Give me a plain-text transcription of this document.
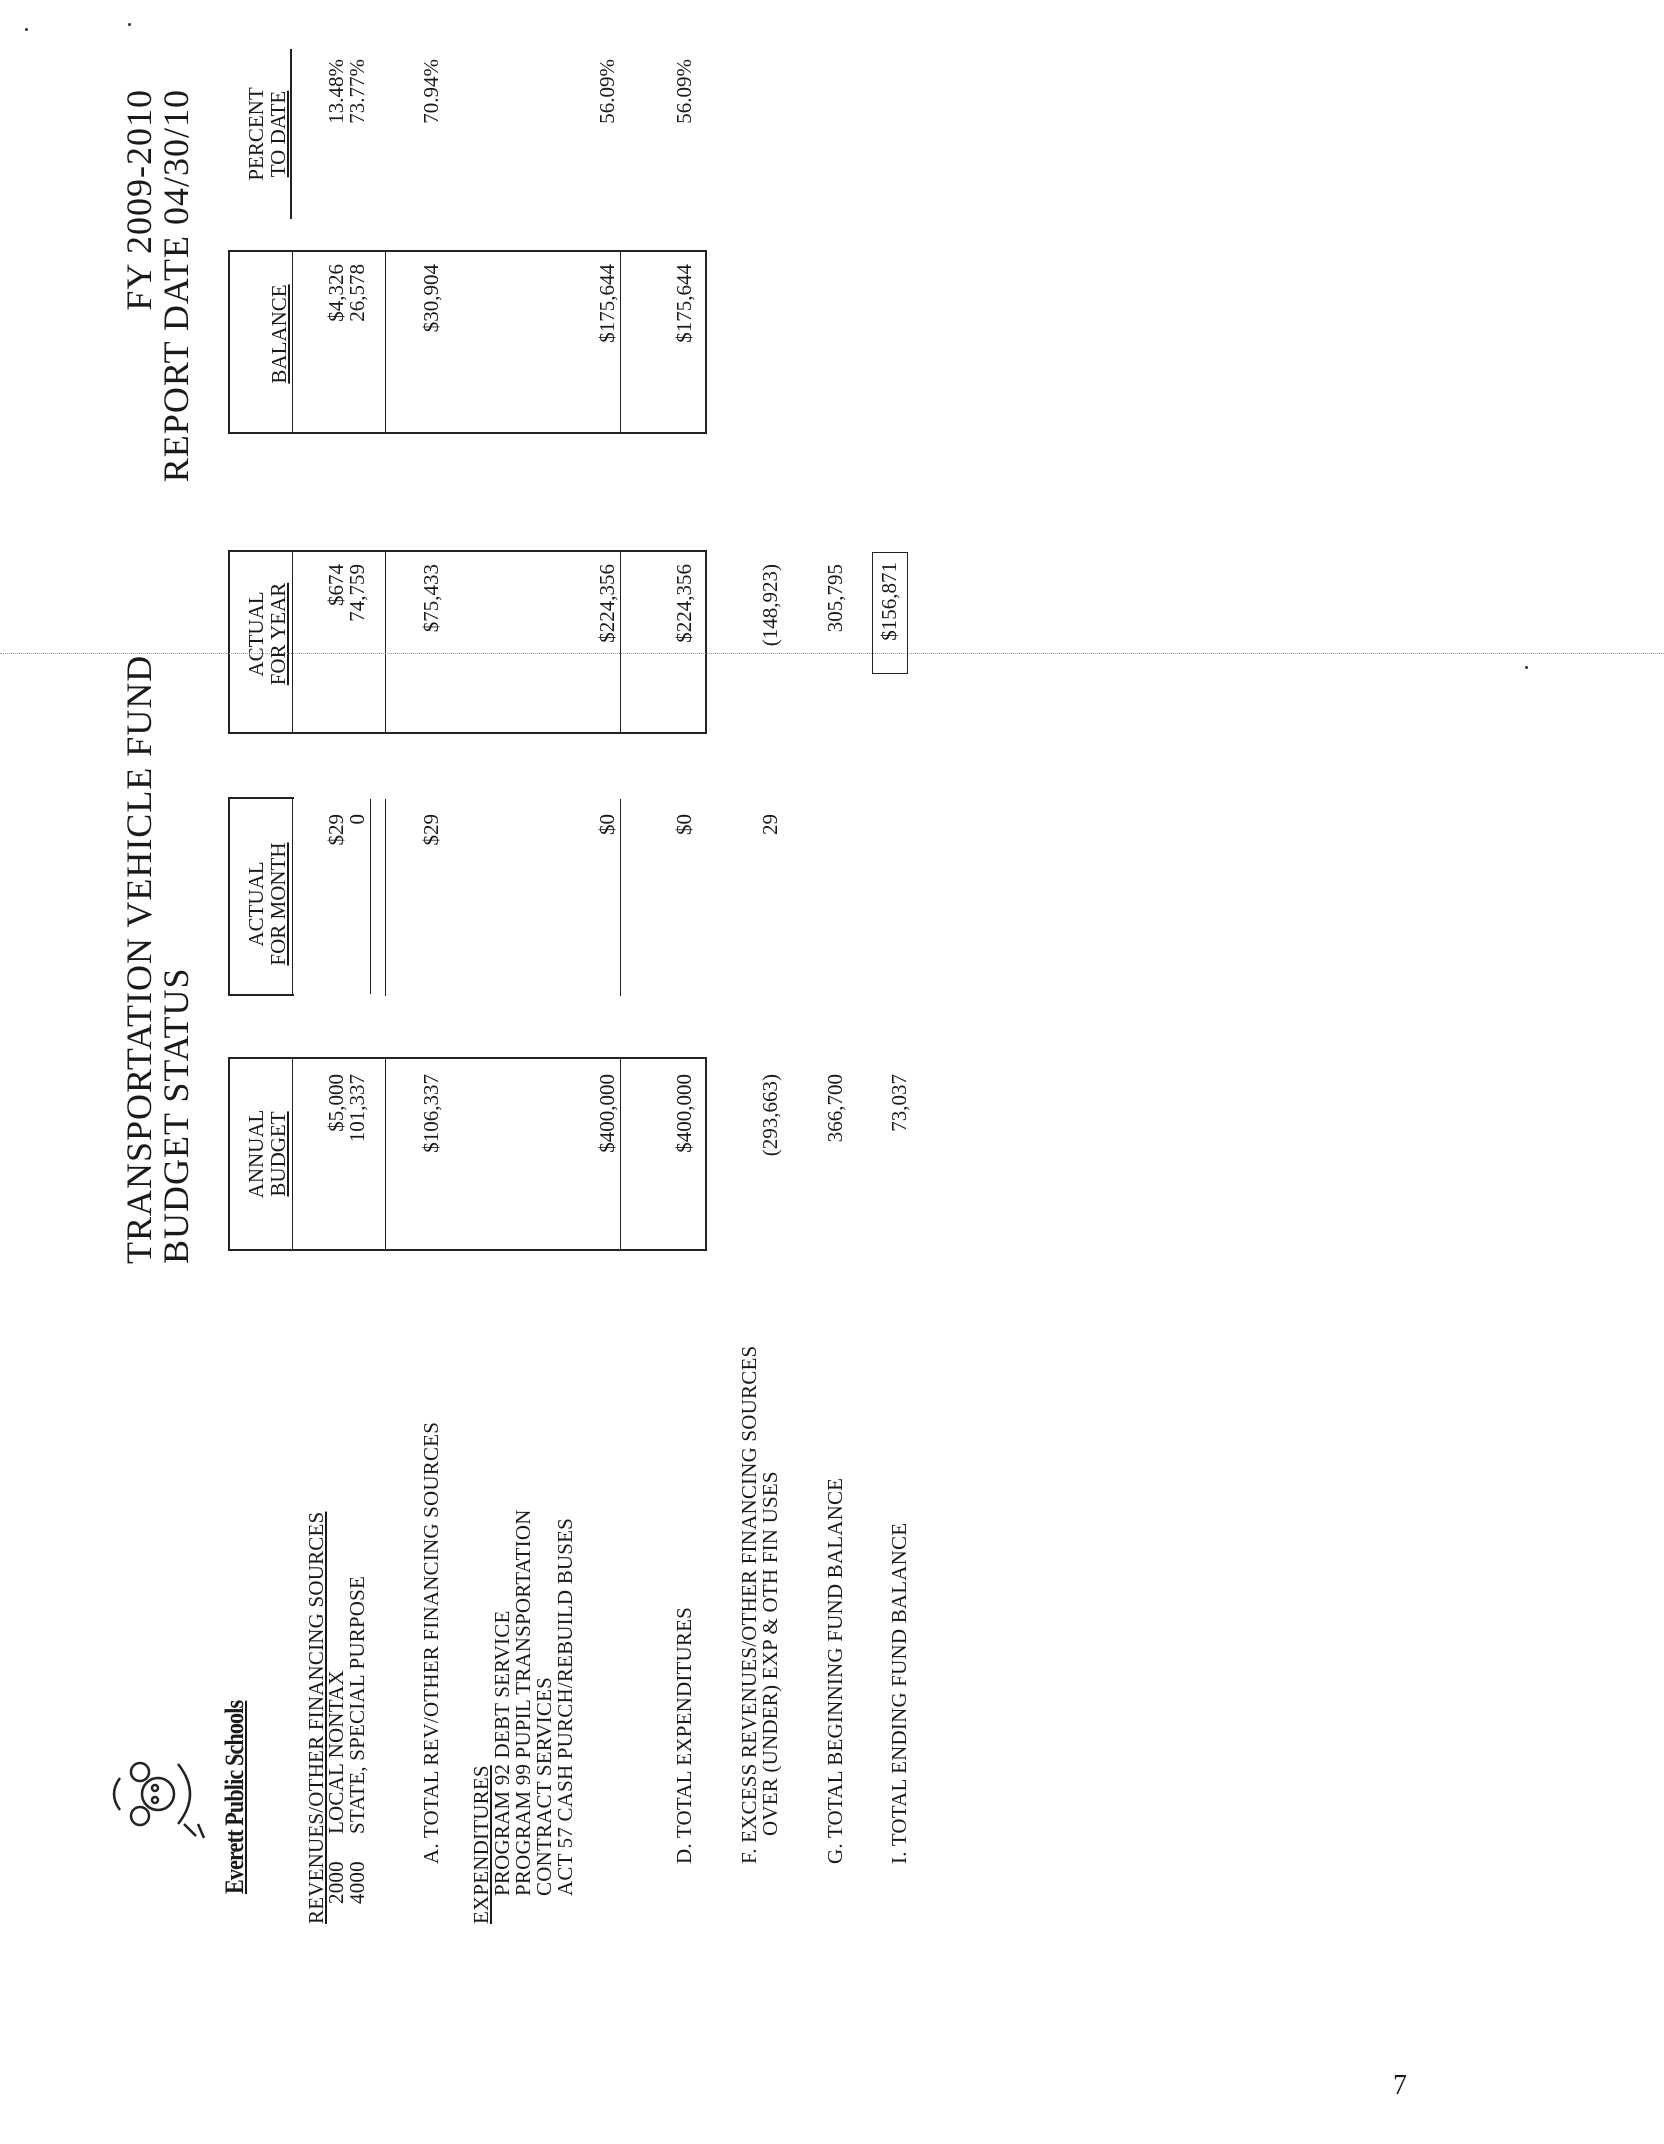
Everett Public Schools
TRANSPORTATION VEHICLE FUND
BUDGET STATUS
FY 2009-2010
REPORT DATE 04/30/10
ANNUAL
BUDGET
ACTUAL
FOR MONTH
ACTUAL
FOR YEAR
BALANCE
PERCENT
TO DATE
REVENUES/OTHER FINANCING SOURCES
2000
LOCAL NONTAX
$5,000
$29
$674
$4,326
13.48%
4000
STATE, SPECIAL PURPOSE
101,337
0
74,759
26,578
73.77%
A. TOTAL REV/OTHER FINANCING SOURCES
$106,337
$29
$75,433
$30,904
70.94%
EXPENDITURES
PROGRAM 92 DEBT SERVICE
PROGRAM 99 PUPIL TRANSPORTATION
CONTRACT SERVICES
ACT 57 CASH PURCH/REBUILD BUSES
$400,000
$0
$224,356
$175,644
56.09%
D. TOTAL EXPENDITURES
$400,000
$0
$224,356
$175,644
56.09%
F. EXCESS REVENUES/OTHER FINANCING SOURCES
OVER (UNDER) EXP & OTH FIN USES
(293,663)
29
(148,923)
G. TOTAL BEGINNING FUND BALANCE
366,700
305,795
I. TOTAL ENDING FUND BALANCE
73,037
$156,871
7
